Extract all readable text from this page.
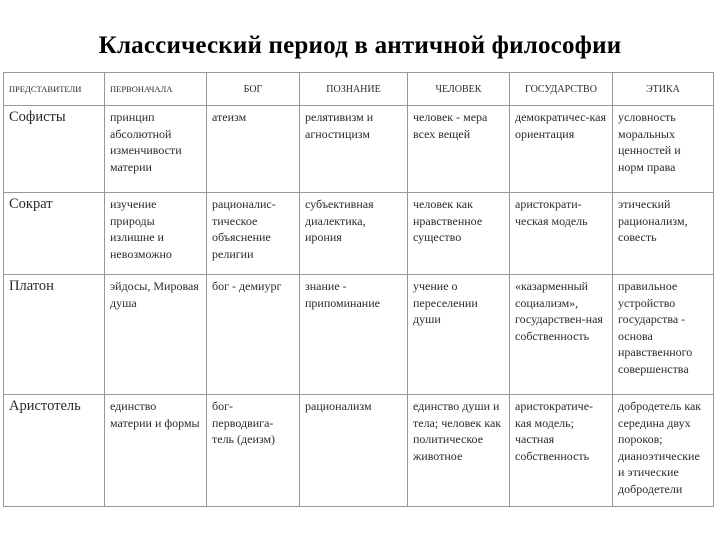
Классический период в античной философии
ПРЕДСТАВИТЕЛИ	ПЕРВОНАЧАЛА	БОГ	ПОЗНАНИЕ	ЧЕЛОВЕК	ГОСУДАРСТВО	ЭТИКА
Софисты	принцип абсолютной изменчивости материи	атеизм	релятивизм и агностицизм	человек - мера всех вещей	демократичес-кая ориентация	условность моральных ценностей и норм права
Сократ	изучение природы излишне и невозможно	рационалис-тическое объяснение религии	субъективная диалектика, ирония	человек как нравственное существо	аристократи-ческая модель	этический рационализм, совесть
Платон	эйдосы, Мировая душа	бог - демиург	знание - припоминание	учение о переселении души	«казарменный социализм», государствен-ная собственность	правильное устройство государства - основа нравственного совершенства
Аристотель	единство материи и формы	бог-перводвига-тель (деизм)	рационализм	единство души и тела; человек как политическое животное	аристократиче-кая модель; частная собственность	добродетель как середина двух пороков; дианоэтические и этические добродетели
